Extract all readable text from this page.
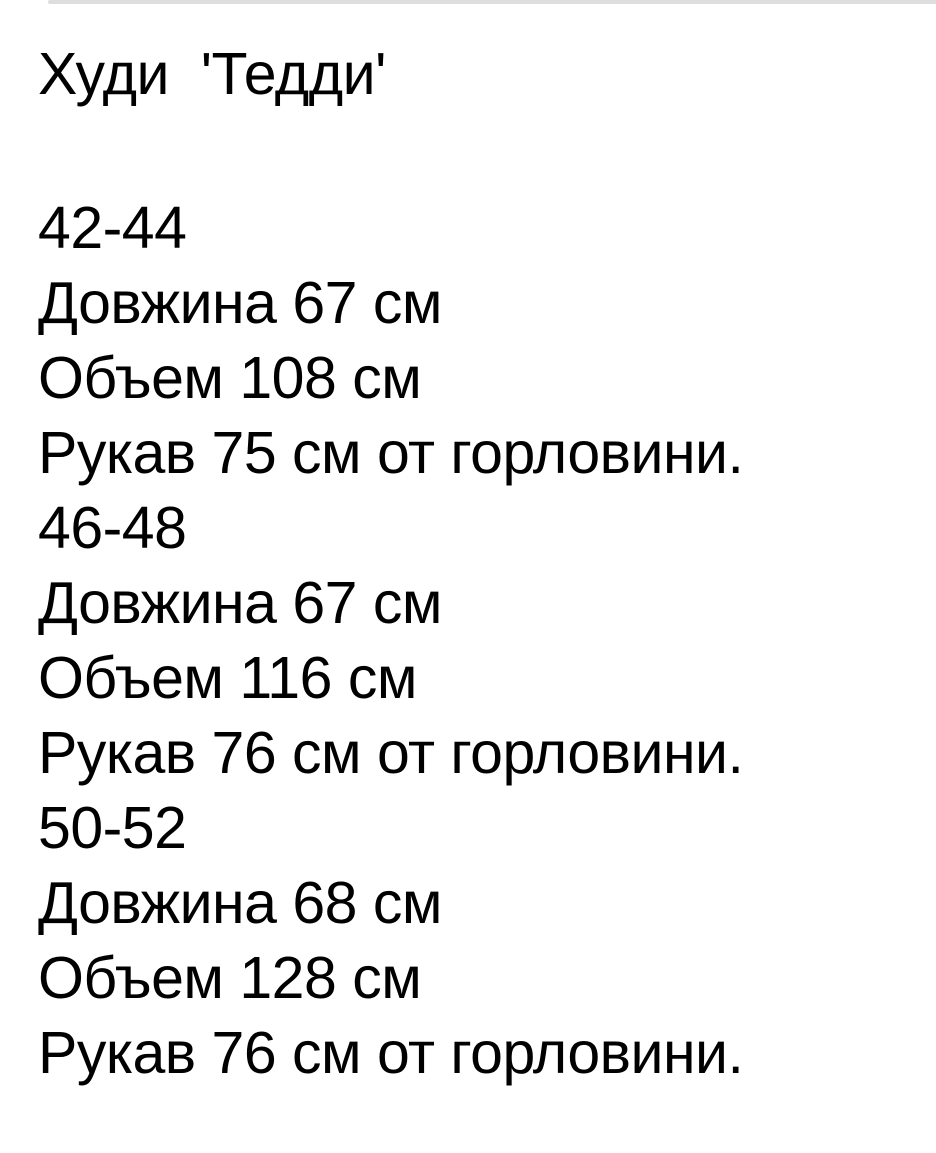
Худи  'Тедди'
42-44
Довжина 67 см
Объем 108 см
Рукав 75 см от горловини.
46-48
Довжина 67 см
Объем 116 см
Рукав 76 см от горловини.
50-52
Довжина 68 см
Объем 128 см
Рукав 76 см от горловини.
